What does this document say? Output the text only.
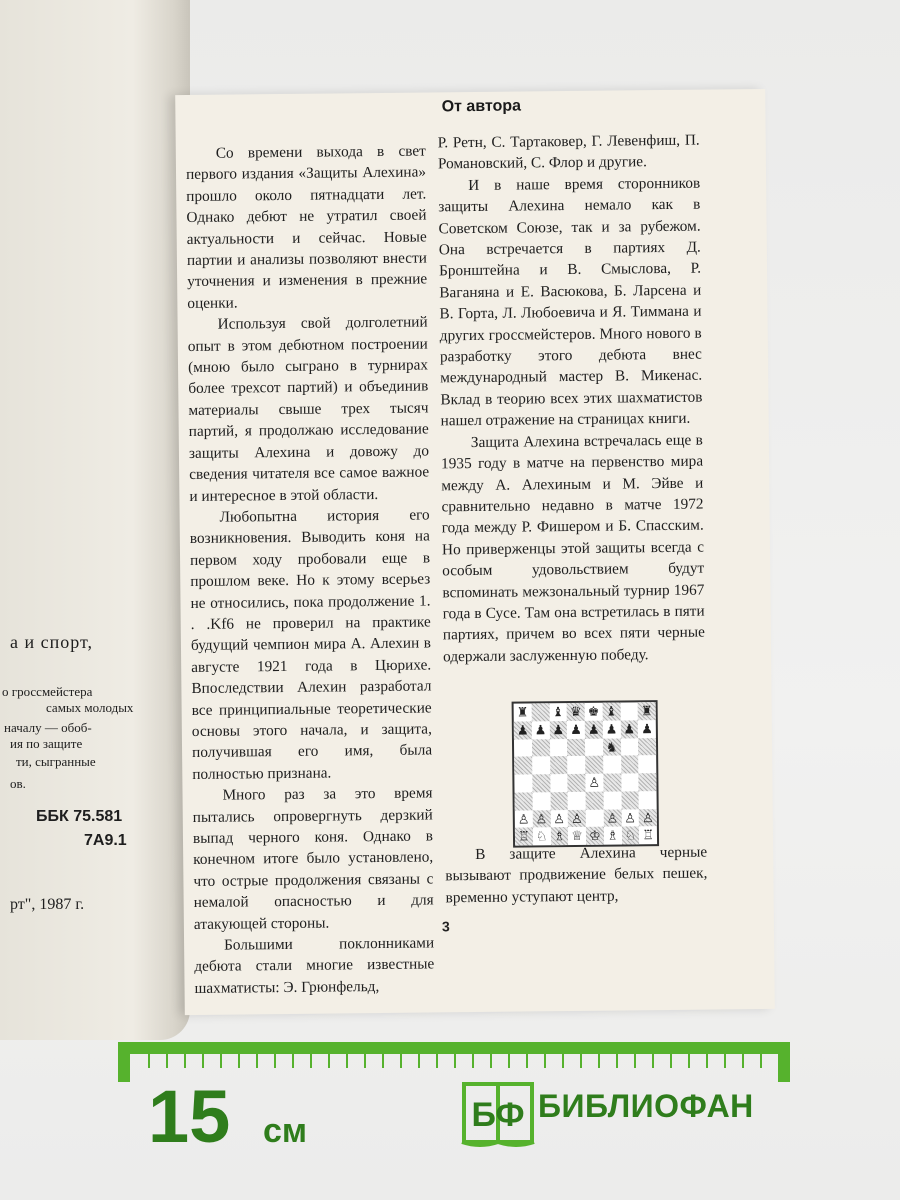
а и спорт,
о гроссмейстера
самых молодых
началу — обоб-
ия по защите
ти, сыгранные
ов.
ББК 75.581
7А9.1
рт", 1987 г.
От автора

Со времени выхода в свет первого издания «Защиты Алехина» прошло около пятнадцати лет. Однако дебют не утратил своей актуальности и сейчас. Новые партии и анализы позволяют внести уточнения и изменения в прежние оценки.

Используя свой долголетний опыт в этом дебютном построении (мною было сыграно в турнирах более трехсот партий) и объединив материалы свыше трех тысяч партий, я продолжаю исследование защиты Алехина и довожу до сведения читателя все самое важное и интересное в этой области.

Любопытна история его возникновения. Выводить коня на первом ходу пробовали еще в прошлом веке. Но к этому всерьез не относились, пока продолжение 1. . .Kf6 не проверил на практике будущий чемпион мира А. Алехин в августе 1921 года в Цюрихе. Впоследствии Алехин разработал все принципиальные теоретические основы этого начала, и защита, получившая его имя, была полностью признана.

Много раз за это время пытались опровергнуть дерзкий выпад черного коня. Однако в конечном итоге было установлено, что острые продолжения связаны с немалой опасностью и для атакующей стороны.

Большими поклонниками дебюта стали многие известные шахматисты: Э. Грюнфельд,

Р. Ретн, С. Тартаковер, Г. Левенфиш, П. Романовский, С. Флор и другие.

И в наше время сторонников защиты Алехина немало как в Советском Союзе, так и за рубежом. Она встречается в партиях Д. Бронштейна и В. Смыслова, Р. Ваганяна и Е. Васюкова, Б. Ларсена и В. Горта, Л. Любоевича и Я. Тиммана и других гроссмейстеров. Много нового в разработку этого дебюта внес международный мастер В. Микенас. Вклад в теорию всех этих шахматистов нашел отражение на страницах книги.

Защита Алехина встречалась еще в 1935 году в матче на первенство мира между А. Алехиным и М. Эйве и сравнительно недавно в матче 1972 года между Р. Фишером и Б. Спасским. Но приверженцы этой защиты всегда с особым удовольствием будут вспоминать межзональный турнир 1967 года в Сусе. Там она встретилась в пяти партиях, причем во всех пяти черные одержали заслуженную победу.

♜ ♝ ♛ ♚ ♝ ♜
♟ ♟ ♟ ♟ ♟ ♟ ♟ ♟
♞
♙
♙ ♙ ♙ ♙ ♙ ♙ ♙
♖ ♘ ♗ ♕ ♔ ♗ ♘ ♖

В защите Алехина черные вызывают продвижение белых пешек, временно уступают центр,

3
15 см	БФ БИБЛИОФАН
